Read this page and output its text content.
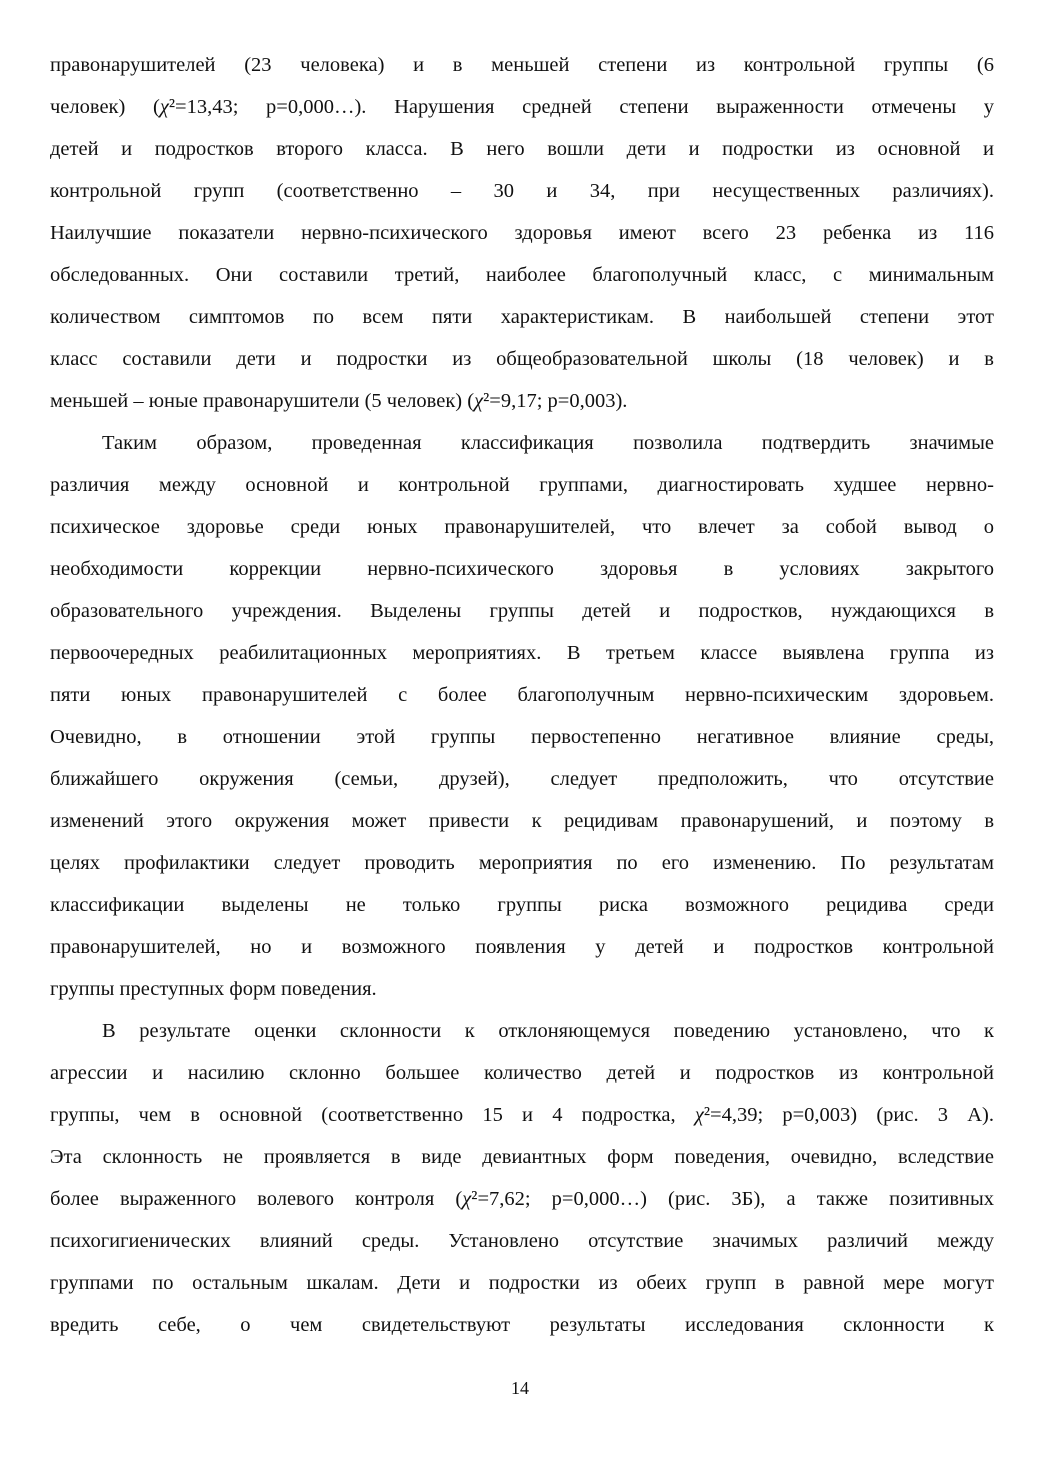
правонарушителей (23 человека) и в меньшей степени из контрольной группы (6
человек) (χ²=13,43; p=0,000…). Нарушения средней степени выраженности отмечены у
детей и подростков второго класса. В него вошли дети и подростки из основной и
контрольной групп (соответственно – 30 и 34, при несущественных различиях).
Наилучшие показатели нервно-психического здоровья имеют всего 23 ребенка из 116
обследованных. Они составили третий, наиболее благополучный класс, с минимальным
количеством симптомов по всем пяти характеристикам. В наибольшей степени этот
класс составили дети и подростки из общеобразовательной школы (18 человек) и в
меньшей – юные правонарушители (5 человек) (χ²=9,17; p=0,003).
Таким образом, проведенная классификация позволила подтвердить значимые
различия между основной и контрольной группами, диагностировать худшее нервно-
психическое здоровье среди юных правонарушителей, что влечет за собой вывод о
необходимости коррекции нервно-психического здоровья в условиях закрытого
образовательного учреждения. Выделены группы детей и подростков, нуждающихся в
первоочередных реабилитационных мероприятиях. В третьем классе выявлена группа из
пяти юных правонарушителей с более благополучным нервно-психическим здоровьем.
Очевидно, в отношении этой группы первостепенно негативное влияние среды,
ближайшего окружения (семьи, друзей), следует предположить, что отсутствие
изменений этого окружения может привести к рецидивам правонарушений, и поэтому в
целях профилактики следует проводить мероприятия по его изменению. По результатам
классификации выделены не только группы риска возможного рецидива среди
правонарушителей, но и возможного появления у детей и подростков контрольной
группы преступных форм поведения.
В результате оценки склонности к отклоняющемуся поведению установлено, что к
агрессии и насилию склонно большее количество детей и подростков из контрольной
группы, чем в основной (соответственно 15 и 4 подростка, χ²=4,39; p=0,003) (рис. 3 А).
Эта склонность не проявляется в виде девиантных форм поведения, очевидно, вследствие
более выраженного волевого контроля (χ²=7,62; p=0,000…) (рис. 3Б), а также позитивных
психогигиенических влияний среды. Установлено отсутствие значимых различий между
группами по остальным шкалам. Дети и подростки из обеих групп в равной мере могут
вредить себе, о чем свидетельствуют результаты исследования склонности к
14
